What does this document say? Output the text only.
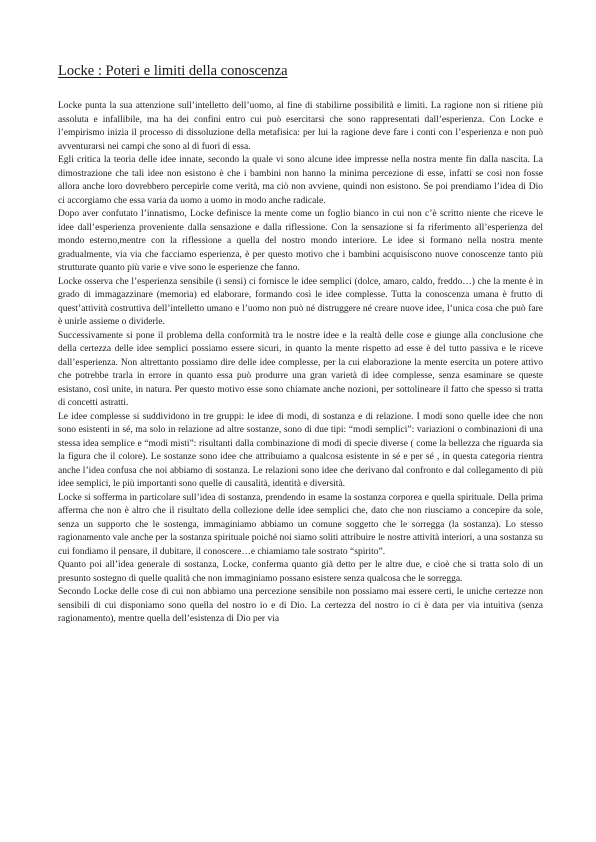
Locke : Poteri e limiti della conoscenza

Locke punta la sua attenzione sull’intelletto dell’uomo, al fine di stabilirne possibilità e limiti. La ragione non si ritiene più assoluta e infallibile, ma ha dei confini entro cui può esercitarsi che sono rappresentati dall’esperienza. Con Locke e l’empirismo inizia il processo di dissoluzione della metafisica: per lui la ragione deve fare i conti con l’esperienza e non può avventurarsi nei campi che sono al di fuori di essa.

Egli critica la teoria delle idee innate, secondo la quale vi sono alcune idee impresse nella nostra mente fin dalla nascita. La dimostrazione che tali idee non esistono è che i bambini non hanno la minima percezione di esse, infatti se così non fosse allora anche loro dovrebbero percepirle come verità, ma ciò non avviene, quindi non esistono. Se poi prendiamo l’idea di Dio ci accorgiamo che essa varia da uomo a uomo in modo anche radicale.

Dopo aver confutato l’innatismo, Locke definisce la mente come un foglio bianco in cui non c’è scritto niente che riceve le idee dall’esperienza proveniente dalla sensazione e dalla riflessione. Con la sensazione si fa riferimento all’esperienza del mondo esterno,mentre con la riflessione a quella del nostro mondo interiore. Le idee si formano nella nostra mente gradualmente, via via che facciamo esperienza, è per questo motivo che i bambini acquisiscono nuove conoscenze tanto più strutturate quanto più varie e vive sono le esperienze che fanno.

Locke osserva che l’esperienza sensibile (i sensi) ci fornisce le idee semplici (dolce, amaro, caldo, freddo…) che la mente è in grado di immagazzinare (memoria) ed elaborare, formando così le idee complesse. Tutta la conoscenza umana è frutto di quest’attività costruttiva dell’intelletto umano e l’uomo non può né distruggere né creare nuove idee, l’unica cosa che può fare è unirle assieme o dividerle.

Successivamente si pone il problema della conformità tra le nostre idee e la realtà delle cose e giunge alla conclusione che della certezza delle idee semplici possiamo essere sicuri, in quanto la mente rispetto ad esse è del tutto passiva e le riceve dall’esperienza. Non altrettanto possiamo dire delle idee complesse, per la cui elaborazione la mente esercita un potere attivo che potrebbe trarla in errore in quanto essa può produrre una gran varietà di idee complesse, senza esaminare se queste esistano, così unite, in natura. Per questo motivo esse sono chiamate anche nozioni, per sottolineare il fatto che spesso si tratta di concetti astratti.

Le idee complesse si suddividono in tre gruppi: le idee di modi, di sostanza e di relazione. I modi sono quelle idee che non sono esistenti in sé, ma solo in relazione ad altre sostanze, sono di due tipi: “modi semplici”: variazioni o combinazioni di una stessa idea semplice e “modi misti”: risultanti dalla combinazione di modi di specie diverse ( come la bellezza che riguarda sia la figura che il colore). Le sostanze sono idee che attribuiamo a qualcosa esistente in sé e per sé , in questa categoria rientra anche l’idea confusa che noi abbiamo di sostanza. Le relazioni sono idee che derivano dal confronto e dal collegamento di più idee semplici, le più importanti sono quelle di causalità, identità e diversità.

Locke si sofferma in particolare sull’idea di sostanza, prendendo in esame la sostanza corporea e quella spirituale. Della prima afferma che non è altro che il risultato della collezione delle idee semplici che, dato che non riusciamo a concepire da sole, senza un supporto che le sostenga, immaginiamo abbiamo un comune soggetto che le sorregga (la sostanza). Lo stesso ragionamento vale anche per la sostanza spirituale poiché noi siamo soliti attribuire le nostre attività interiori, a una sostanza su cui fondiamo il pensare, il dubitare, il conoscere…e chiamiamo tale sostrato “spirito”.

Quanto poi all’idea generale di sostanza, Locke, conferma quanto già detto per le altre due, e cioè che si tratta solo di un presunto sostegno di quelle qualità che non immaginiamo possano esistere senza qualcosa che le sorregga.

Secondo Locke delle cose di cui non abbiamo una percezione sensibile non possiamo mai essere certi, le uniche certezze non sensibili di cui disponiamo sono quella del nostro io e di Dio. La certezza del nostro io ci è data per via intuitiva (senza ragionamento), mentre quella dell’esistenza di Dio per via
